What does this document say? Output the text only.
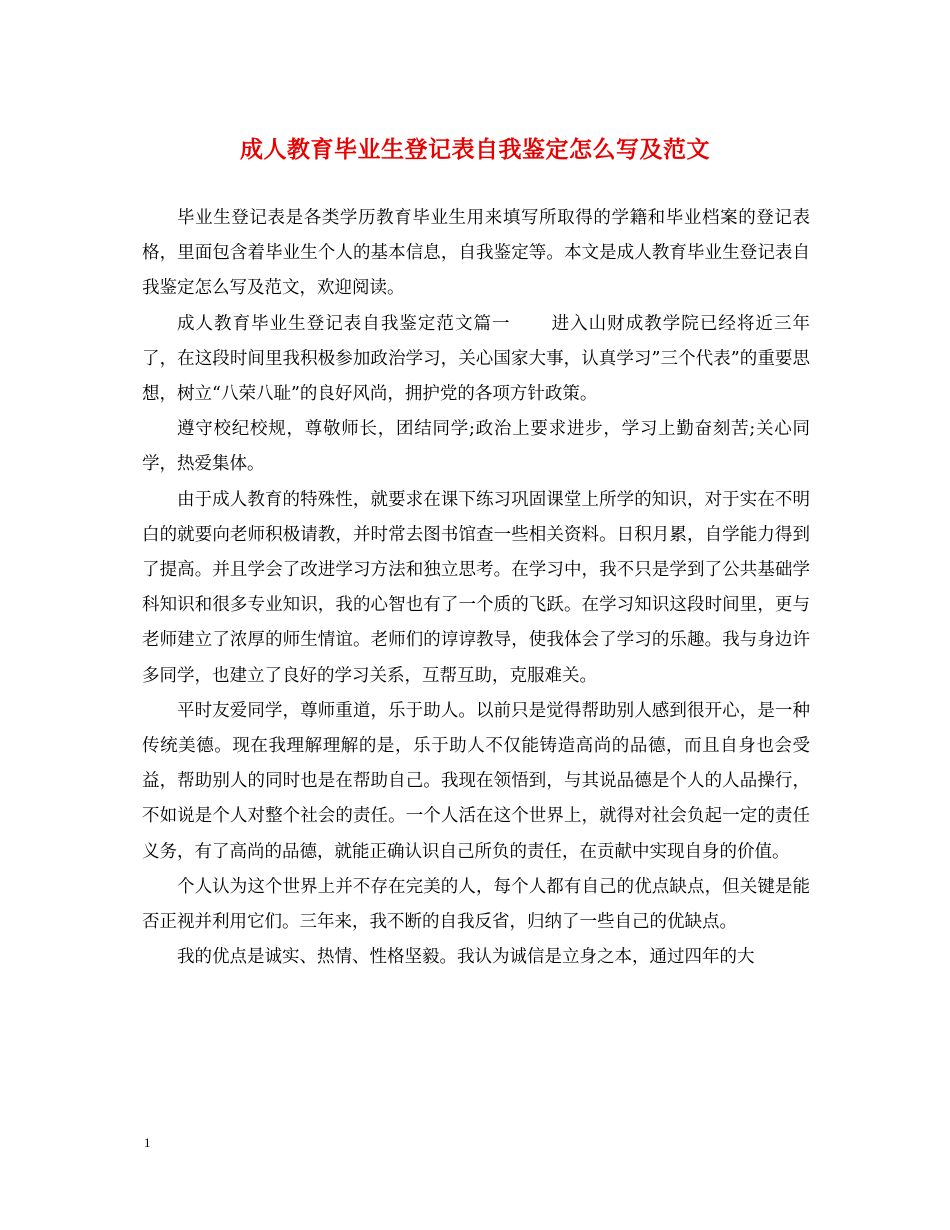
成人教育毕业生登记表自我鉴定怎么写及范文

毕业生登记表是各类学历教育毕业生用来填写所取得的学籍和毕业档案的登记表格，里面包含着毕业生个人的基本信息，自我鉴定等。本文是成人教育毕业生登记表自我鉴定怎么写及范文，欢迎阅读。

成人教育毕业生登记表自我鉴定范文篇一 进入山财成教学院已经将近三年了，在这段时间里我积极参加政治学习，关心国家大事，认真学习”三个代表”的重要思想，树立“八荣八耻”的良好风尚，拥护党的各项方针政策。

遵守校纪校规，尊敬师长，团结同学;政治上要求进步，学习上勤奋刻苦;关心同学，热爱集体。

由于成人教育的特殊性，就要求在课下练习巩固课堂上所学的知识，对于实在不明白的就要向老师积极请教，并时常去图书馆查一些相关资料。日积月累，自学能力得到了提高。并且学会了改进学习方法和独立思考。在学习中，我不只是学到了公共基础学科知识和很多专业知识，我的心智也有了一个质的飞跃。在学习知识这段时间里，更与老师建立了浓厚的师生情谊。老师们的谆谆教导，使我体会了学习的乐趣。我与身边许多同学，也建立了良好的学习关系，互帮互助，克服难关。

平时友爱同学，尊师重道，乐于助人。以前只是觉得帮助别人感到很开心，是一种传统美德。现在我理解理解的是，乐于助人不仅能铸造高尚的品德，而且自身也会受益，帮助别人的同时也是在帮助自己。我现在领悟到，与其说品德是个人的人品操行，不如说是个人对整个社会的责任。一个人活在这个世界上，就得对社会负起一定的责任义务，有了高尚的品德，就能正确认识自己所负的责任，在贡献中实现自身的价值。

个人认为这个世界上并不存在完美的人，每个人都有自己的优点缺点，但关键是能否正视并利用它们。三年来，我不断的自我反省，归纳了一些自己的优缺点。

我的优点是诚实、热情、性格坚毅。我认为诚信是立身之本，通过四年的大

1
